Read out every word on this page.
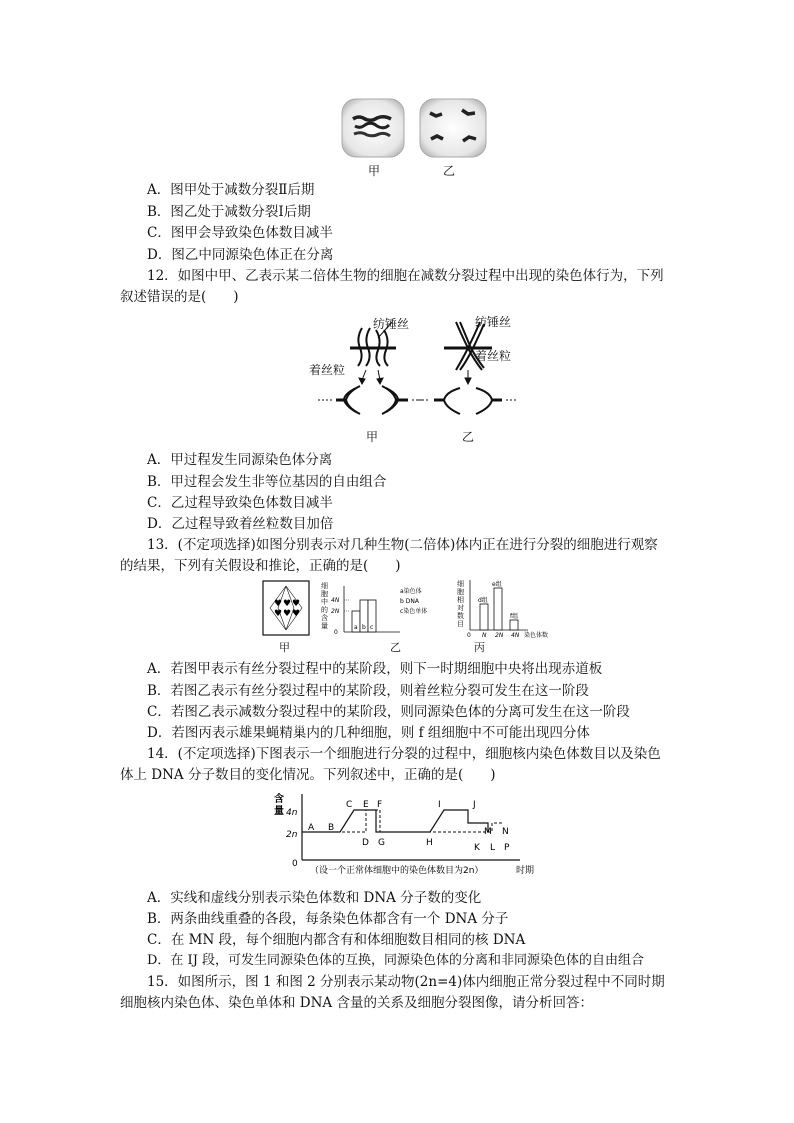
甲	乙
A．图甲处于减数分裂Ⅱ后期
B．图乙处于减数分裂Ⅰ后期
C．图甲会导致染色体数目减半
D．图乙中同源染色体正在分离
12．如图中甲、乙表示某二倍体生物的细胞在减数分裂过程中出现的染色体行为，下列
叙述错误的是(　　)
纺锤丝
着丝粒
纺锤丝
着丝粒
甲	乙
A．甲过程发生同源染色体分离
B．甲过程会发生非等位基因的自由组合
C．乙过程导致染色体数目减半
D．乙过程导致着丝粒数目加倍
13．(不定项选择)如图分别表示对几种生物(二倍体)体内正在进行分裂的细胞进行观察
的结果，下列有关假设和推论，正确的是(　　)
♥ ♥ ♥
♥ ♥ ♥
甲
细
胞
中
的
含
量
4N
2N
0
a b c
a染色体
b DNA
c染色单体
乙
细
胞
相
对
数
目
d组
e组
f组
0 N 2N 4N 染色体数
丙
A．若图甲表示有丝分裂过程中的某阶段，则下一时期细胞中央将出现赤道板
B．若图乙表示有丝分裂过程中的某阶段，则着丝粒分裂可发生在这一阶段
C．若图乙表示减数分裂过程中的某阶段，则同源染色体的分离可发生在这一阶段
D．若图丙表示雄果蝇精巢内的几种细胞，则 f 组细胞中不可能出现四分体
14．(不定项选择)下图表示一个细胞进行分裂的过程中，细胞核内染色体数目以及染色
体上 DNA 分子数目的变化情况。下列叙述中，正确的是(　　)
含
量 4n
2n
0
A B
C E F	I	J
M N
D G	H	K L P
（设一个正常体细胞中的染色体数目为2n）	时期
A．实线和虚线分别表示染色体数和 DNA 分子数的变化
B．两条曲线重叠的各段，每条染色体都含有一个 DNA 分子
C．在 MN 段，每个细胞内都含有和体细胞数目相同的核 DNA
D．在 IJ 段，可发生同源染色体的互换，同源染色体的分离和非同源染色体的自由组合
15．如图所示，图 1 和图 2 分别表示某动物(2n=4)体内细胞正常分裂过程中不同时期
细胞核内染色体、染色单体和 DNA 含量的关系及细胞分裂图像，请分析回答：
